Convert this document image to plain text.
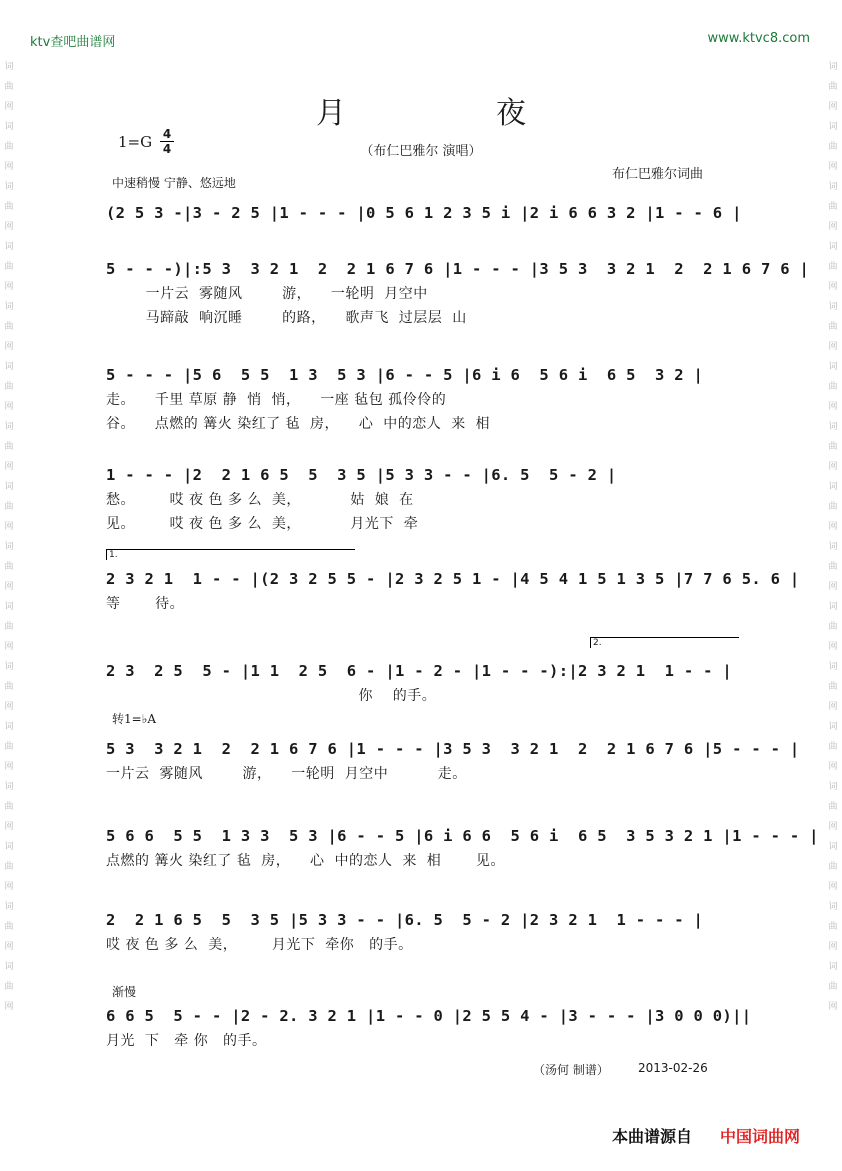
词
曲
网
词
曲
网
词
曲
网
词
曲
网
词
曲
网
词
曲
网
词
曲
网
词
曲
网
词
曲
网
词
曲
网
词
曲
网
词
曲
网
词
曲
网
词
曲
网
词
曲
网
词
曲
网
词
曲
网
词
曲
网
词
曲
网
词
曲
网
词
曲
网
词
曲
网
词
曲
网
词
曲
网
词
曲
网
词
曲
网
词
曲
网
词
曲
网
词
曲
网
词
曲
网
词
曲
网
词
曲
网
ktv查吧曲谱网	www.ktvc8.com
月夜
1=G 4
4	（布仁巴雅尔 演唱）
布仁巴雅尔词曲
中速稍慢 宁静、悠远地
(2 5 3 -|3 - 2 5 |1 - - - |0 5 6 1 2 3 5 i |2 i 6 6 3 2 |1 - - 6 |
5 - - -)|:5 3  3 2 1  2  2 1 6 7 6 |1 - - - |3 5 3  3 2 1  2  2 1 6 7 6 |
一片云  雾随风        游，    一轮明  月空中
马蹄敲  响沉睡        的路，    歌声飞  过层层  山
5 - - - |5 6  5 5  1 3  5 3 |6 - - 5 |6 i 6  5 6 i  6 5  3 2 |
走。    千里 草原 静  悄  悄，    一座 毡包 孤伶伶的
谷。    点燃的 篝火 染红了 毡  房，    心  中的恋人  来  相
1 - - - |2  2 1 6 5  5  3 5 |5 3 3 - - |6. 5  5 - 2 |
愁。       哎 夜 色 多 么  美，          姑  娘  在
见。       哎 夜 色 多 么  美，          月光下  牵
2 3 2 1  1 - - |(2 3 2 5 5 - |2 3 2 5 1 - |4 5 4 1 5 1 3 5 |7 7 6 5. 6 |
等       待。
2 3  2 5  5 - |1 1  2 5  6 - |1 - 2 - |1 - - -):|2 3 2 1  1 - - |
你    的手。
5 3  3 2 1  2  2 1 6 7 6 |1 - - - |3 5 3  3 2 1  2  2 1 6 7 6 |5 - - - |
一片云  雾随风        游，    一轮明  月空中          走。
5 6 6  5 5  1 3 3  5 3 |6 - - 5 |6 i 6 6  5 6 i  6 5  3 5 3 2 1 |1 - - - |
点燃的 篝火 染红了 毡  房，    心  中的恋人  来  相       见。
2  2 1 6 5  5  3 5 |5 3 3 - - |6. 5  5 - 2 |2 3 2 1  1 - - - |
哎 夜 色 多 么  美，       月光下  牵你   的手。
6 6 5  5 - - |2 - 2. 3 2 1 |1 - - 0 |2 5 5 4 - |3 - - - |3 0 0 0)||
月光  下   牵 你   的手。
转1=♭A
渐慢
1.
2.
（汤何 制谱） 2013-02-26
本曲谱源自 中国词曲网
